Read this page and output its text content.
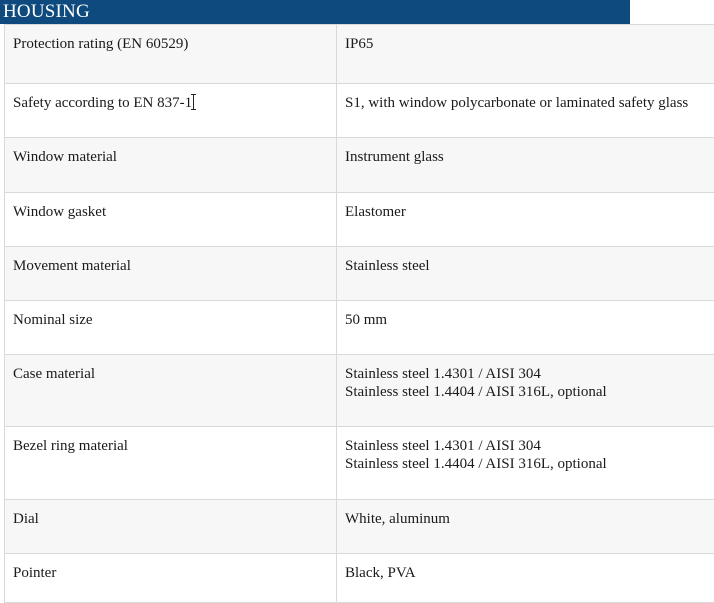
HOUSING
Protection rating (EN 60529)	IP65

Safety according to EN 837-1	S1, with window polycarbonate or laminated safety glass

Window material	Instrument glass

Window gasket	Elastomer

Movement material	Stainless steel

Nominal size	50 mm

Case material	Stainless steel 1.4301 / AISI 304
Stainless steel 1.4404 / AISI 316L, optional

Bezel ring material	Stainless steel 1.4301 / AISI 304
Stainless steel 1.4404 / AISI 316L, optional

Dial	White, aluminum

Pointer	Black, PVA
